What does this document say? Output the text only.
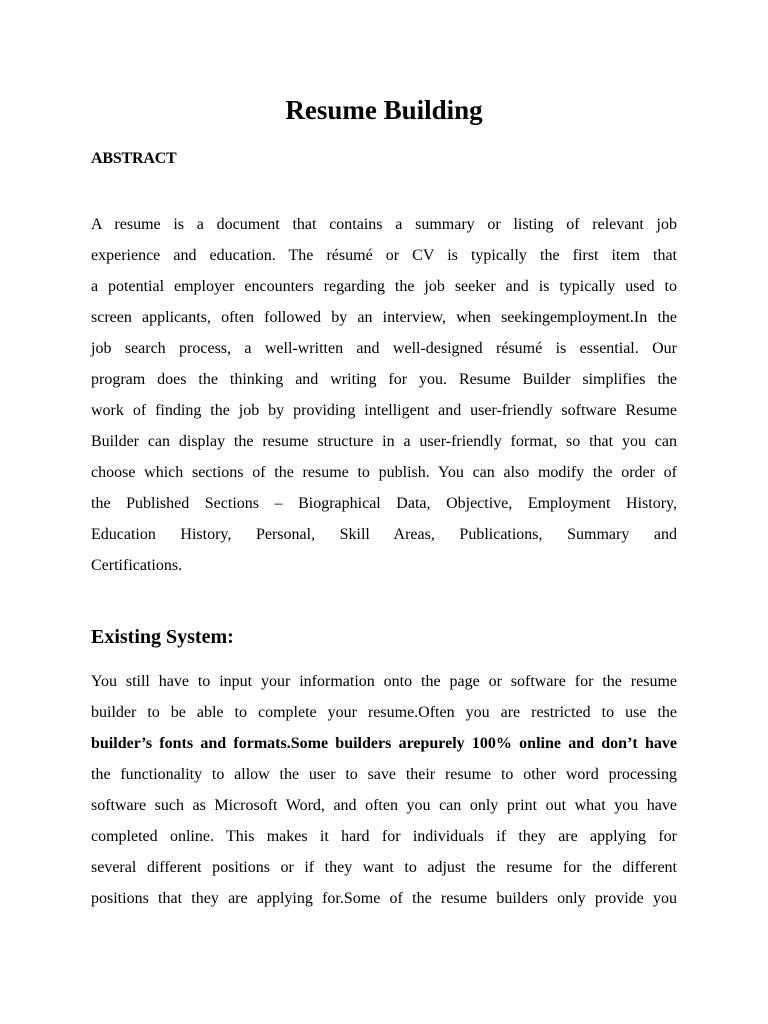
Resume Building
ABSTRACT
A resume is a document that contains a summary or listing of relevant job
experience and education. The résumé or CV is typically the first item that
a potential employer encounters regarding the job seeker and is typically used to
screen applicants, often followed by an interview, when seekingemployment.In the
job search process, a well-written and well-designed résumé is essential. Our
program does the thinking and writing for you. Resume Builder simplifies the
work of finding the job by providing intelligent and user-friendly software Resume
Builder can display the resume structure in a user-friendly format, so that you can
choose which sections of the resume to publish. You can also modify the order of
the Published Sections – Biographical Data, Objective, Employment History,
Education History, Personal, Skill Areas, Publications, Summary and
Certifications.
Existing System:
You still have to input your information onto the page or software for the resume
builder to be able to complete your resume.Often you are restricted to use the
builder’s fonts and formats.Some builders arepurely 100% online and don’t have
the functionality to allow the user to save their resume to other word processing
software such as Microsoft Word, and often you can only print out what you have
completed online. This makes it hard for individuals if they are applying for
several different positions or if they want to adjust the resume for the different
positions that they are applying for.Some of the resume builders only provide you
